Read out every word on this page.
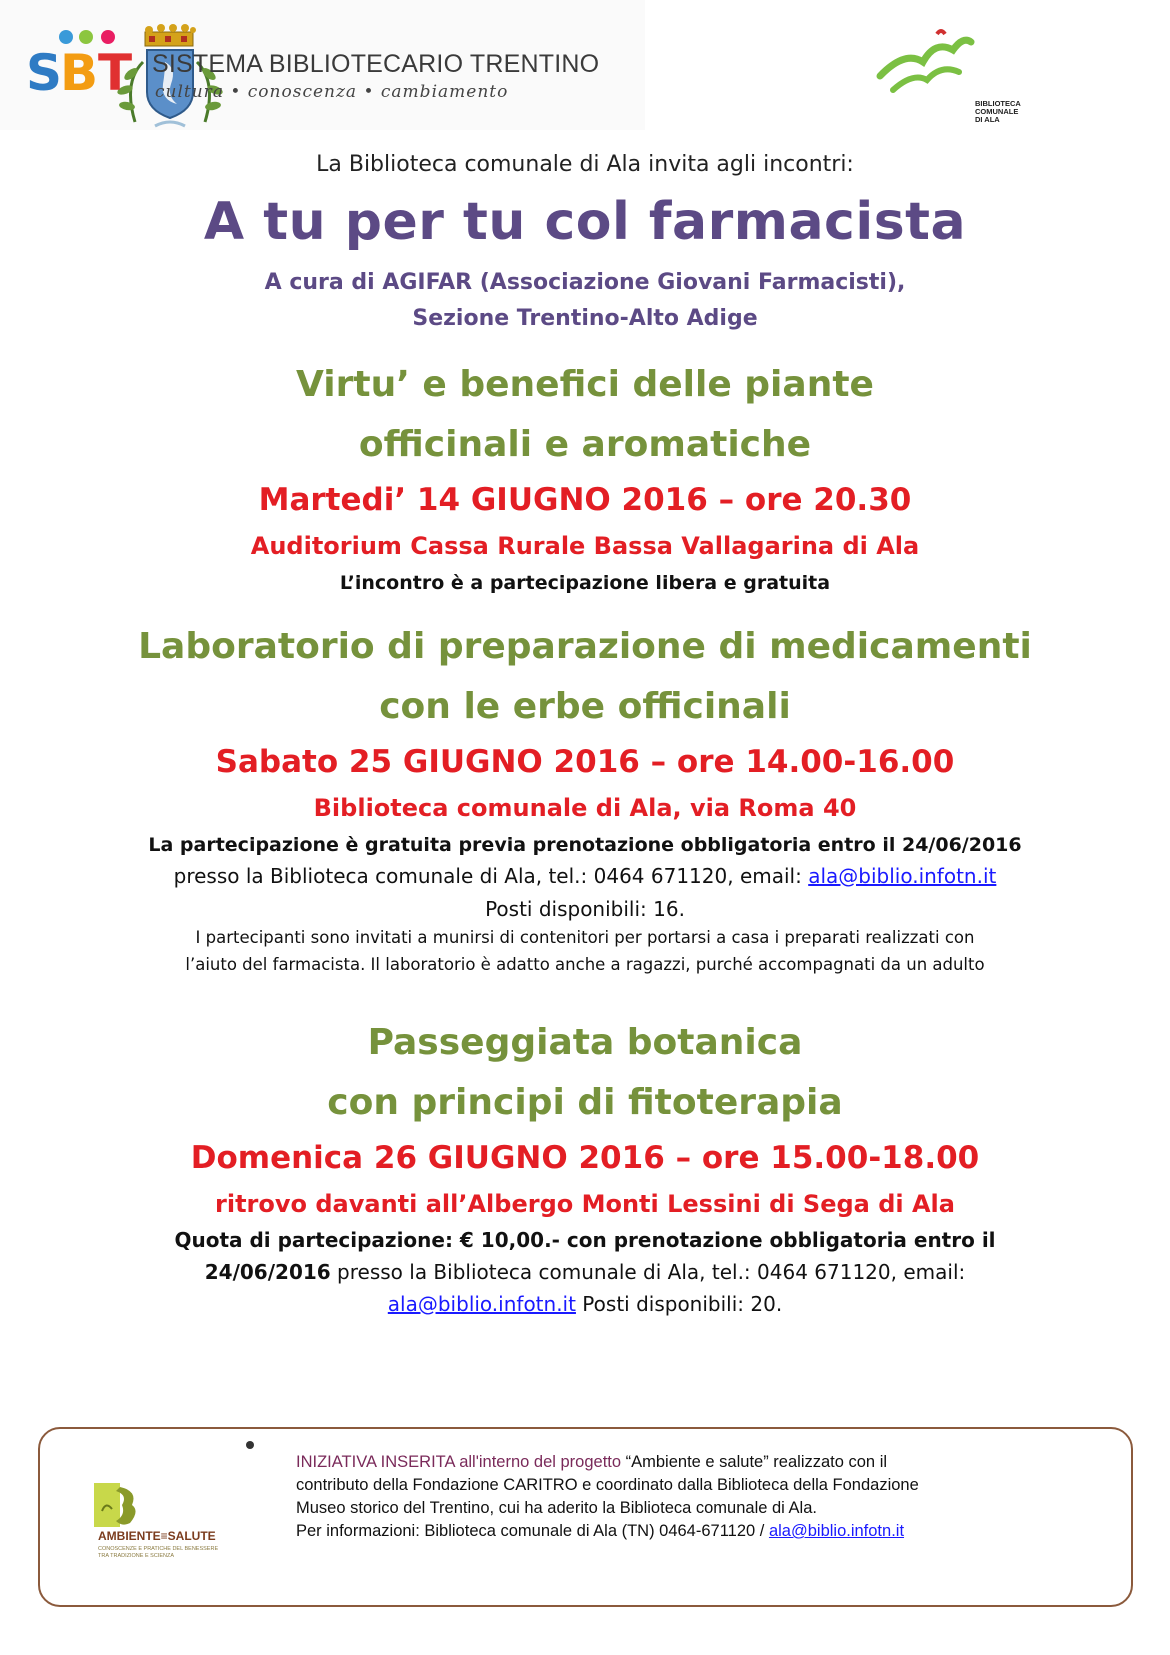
S
B T SISTEMA BIBLIOTECARIO TRENTINO
cultura • conoscenza • cambiamento
BIBLIOTECA
COMUNALE
DI ALA
La Biblioteca comunale di Ala invita agli incontri:
A tu per tu col farmacista
A cura di AGIFAR (Associazione Giovani Farmacisti),
Sezione Trentino-Alto Adige
Virtu’ e benefici delle piante
officinali e aromatiche
Martedi’ 14 GIUGNO 2016 – ore 20.30
Auditorium Cassa Rurale Bassa Vallagarina di Ala
L’incontro è a partecipazione libera e gratuita
Laboratorio di preparazione di medicamenti
con le erbe officinali
Sabato 25 GIUGNO 2016 – ore 14.00-16.00
Biblioteca comunale di Ala, via Roma 40
La partecipazione è gratuita previa prenotazione obbligatoria entro il 24/06/2016
presso la Biblioteca comunale di Ala, tel.: 0464 671120, email: ala@biblio.infotn.it
Posti disponibili: 16.
I partecipanti sono invitati a munirsi di contenitori per portarsi a casa i preparati realizzati con
l’aiuto del farmacista. Il laboratorio è adatto anche a ragazzi, purché accompagnati da un adulto
Passeggiata botanica
con principi di fitoterapia
Domenica 26 GIUGNO 2016 – ore 15.00-18.00
ritrovo davanti all’Albergo Monti Lessini di Sega di Ala
Quota di partecipazione: € 10,00.- con prenotazione obbligatoria entro il
24/06/2016 presso la Biblioteca comunale di Ala, tel.: 0464 671120, email:
ala@biblio.infotn.it Posti disponibili: 20.
AMBIENTE≡SALUTE
CONOSCENZE E PRATICHE DEL BENESSERE
TRA TRADIZIONE E SCIENZA
INIZIATIVA INSERITA all'interno del progetto “Ambiente e salute” realizzato con il
contributo della Fondazione CARITRO e coordinato dalla Biblioteca della Fondazione
Museo storico del Trentino, cui ha aderito la Biblioteca comunale di Ala.
Per informazioni: Biblioteca comunale di Ala (TN) 0464-671120 / ala@biblio.infotn.it
